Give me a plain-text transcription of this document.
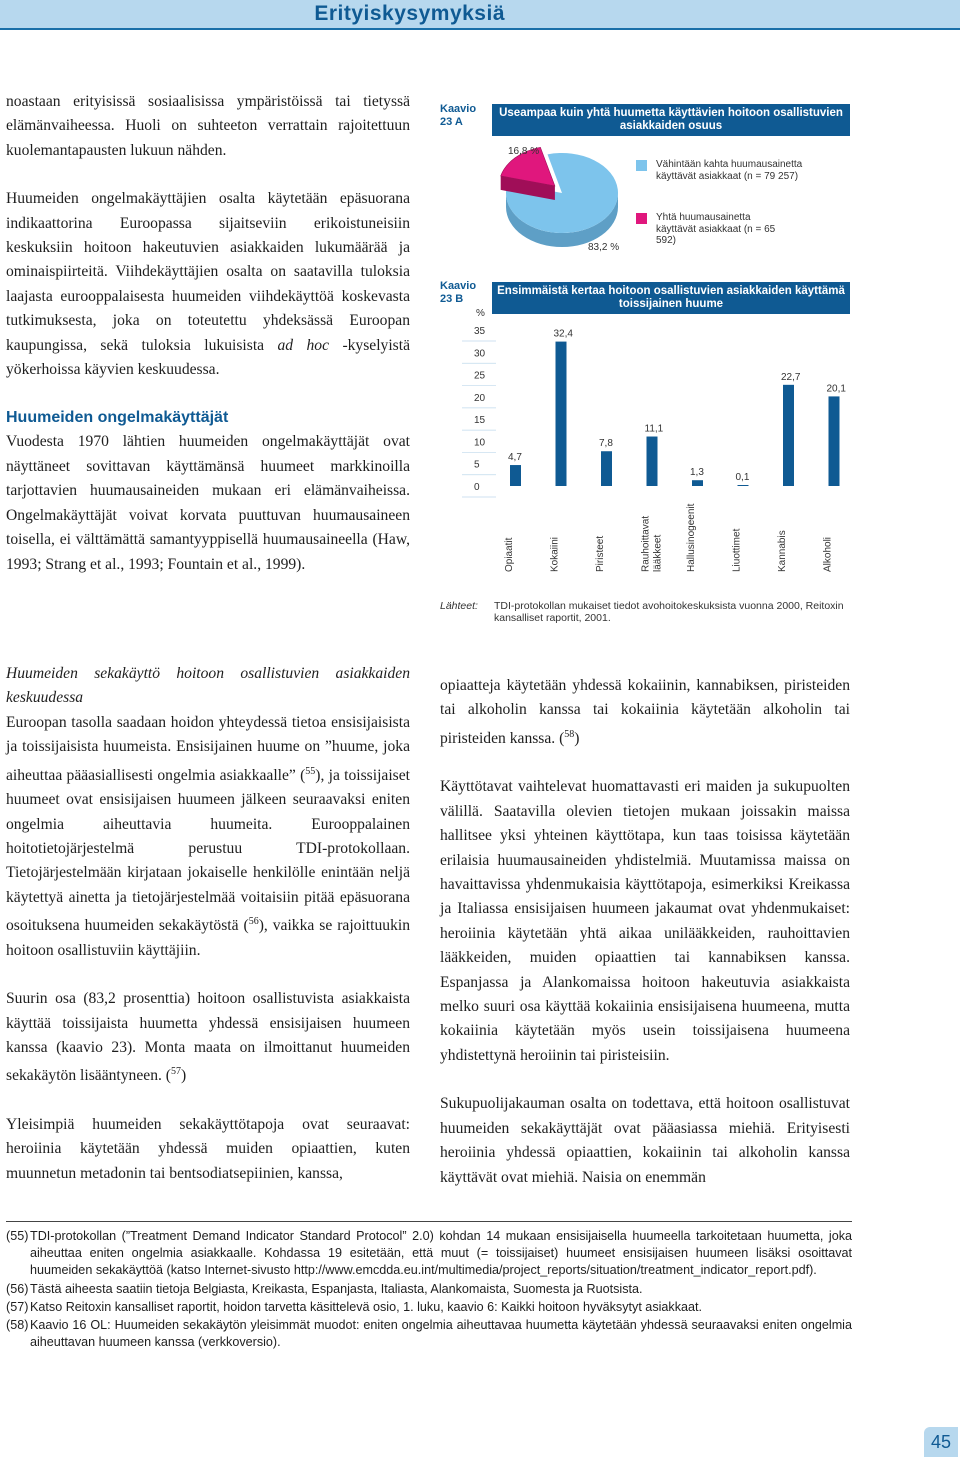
Erityiskysymyksiä

noastaan erityisissä sosiaalisissa ympäristöissä tai tietyssä elämänvaiheessa. Huoli on suhteeton verrattain rajoitettuun kuolemantapausten lukuun nähden.

Huumeiden ongelmakäyttäjien osalta käytetään epäsuorana indikaattorina Euroopassa sijaitseviin erikoistuneisiin keskuksiin hoitoon hakeutuvien asiakkaiden lukumäärää ja ominaispiirteitä. Viihdekäyttäjien osalta on saatavilla tuloksia laajasta eurooppalaisesta huumeiden viihdekäyttöä koskevasta tutkimuksesta, joka on toteutettu yhdeksässä Euroopan kaupungissa, sekä tuloksia lukuisista ad hoc -kyselyistä yökerhoissa käyvien keskuudessa.

Huumeiden ongelmakäyttäjät
Vuodesta 1970 lähtien huumeiden ongelmakäyttäjät ovat näyttäneet sovittavan käyttämänsä huumeet markkinoilla tarjottavien huumausaineiden mukaan eri elämänvaiheissa. Ongelmakäyttäjät voivat korvata puuttuvan huumausaineen toisella, ei välttämättä samantyyppisellä huumausaineella (Haw, 1993; Strang et al., 1993; Fountain et al., 1999).

Huumeiden sekakäyttö hoitoon osallistuvien asiakkaiden keskuudessa
Euroopan tasolla saadaan hoidon yhteydessä tietoa ensisijaisista ja toissijaisista huumeista. Ensisijainen huume on ”huume, joka aiheuttaa pääasiallisesti ongelmia asiakkaalle” ($^{55}$), ja toissijaiset huumeet ovat ensisijaisen huumeen jälkeen seuraavaksi eniten ongelmia aiheuttavia huumeita. Eurooppalainen hoitotietojärjestelmä perustuu TDI-protokollaan. Tietojärjestelmään kirjataan jokaiselle henkilölle enintään neljä käytettyä ainetta ja tietojärjestelmää voitaisiin pitää epäsuorana osoituksena huumeiden sekakäytöstä ($^{56}$), vaikka se rajoittuukin hoitoon osallistuviin käyttäjiin.

Suurin osa (83,2 prosenttia) hoitoon osallistuvista asiakkaista käyttää toissijaista huumetta yhdessä ensisijaisen huumeen kanssa (kaavio 23). Monta maata on ilmoittanut huumeiden sekakäytön lisääntyneen. ($^{57}$)

Yleisimpiä huumeiden sekakäyttötapoja ovat seuraavat: heroiinia käytetään yhdessä muiden opiaattien, kuten muunnetun metadonin tai bentsodiatsepiinien, kanssa,

opiaatteja käytetään yhdessä kokaiinin, kannabiksen, piristeiden tai alkoholin kanssa tai kokaiinia käytetään alkoholin tai piristeiden kanssa. ($^{58}$)

Käyttötavat vaihtelevat huomattavasti eri maiden ja sukupuolten välillä. Saatavilla olevien tietojen mukaan joissakin maissa hallitsee yksi yhteinen käyttötapa, kun taas toisissa käytetään erilaisia huumausaineiden yhdistelmiä. Muutamissa maissa on havaittavissa yhdenmukaisia käyttötapoja, esimerkiksi Kreikassa ja Italiassa ensisijaisen huumeen jakaumat ovat yhdenmukaiset: heroiinia käytetään yhtä aikaa unilääkkeiden, rauhoittavien lääkkeiden, muiden opiaattien tai kannabiksen kanssa. Espanjassa ja Alankomaissa hoitoon hakeutuvia asiakkaista melko suuri osa käyttää kokaiinia ensisijaisena huumeena, mutta kokaiinia käytetään myös usein toissijaisena huumeena yhdistettynä heroiinin tai piristeisiin.

Sukupuolijakauman osalta on todettava, että hoitoon osallistuvat huumeiden sekakäyttäjät ovat pääasiassa miehiä. Erityisesti heroiinia yhdessä opiaattien, kokaiinin tai alkoholin kanssa käyttävät ovat miehiä. Naisia on enemmän

Kaavio
23 A
Useampaa kuin yhtä huumetta käyttävien hoitoon osallistuvien asiakkaiden osuus
16,8 %
83,2 %
Vähintään kahta huumausainetta käyttävät asiakkaat (n = 79 257)
Yhtä huumausainetta käyttävät asiakkaat (n = 65 592)
Kaavio
23 B
Ensimmäistä kertaa hoitoon osallistuvien asiakkaiden käyttämä toissijainen huume
%
0
5
10
15
20
25
30
35
4,7
Opiaatit
32,4
Kokaiini
7,8
Piristeet
11,1
Rauhoittavat lääkkeet
1,3
Hallusinogeenit
0,1
Liuottimet
22,7
Kannabis
20,1
Alkoholi
Lähteet: TDI-protokollan mukaiset tiedot avohoitokeskuksista vuonna 2000, Reitoxin kansalliset raportit, 2001.
(55) TDI-protokollan (”Treatment Demand Indicator Standard Protocol” 2.0) kohdan 14 mukaan ensisijaisella huumeella tarkoitetaan huumetta, joka aiheuttaa eniten ongelmia asiakkaalle. Kohdassa 19 esitetään, että muut (= toissijaiset) huumeet ensisijaisen huumeen lisäksi osoittavat huumeiden sekakäyttöä (katso Internet-sivusto http://www.emcdda.eu.int/multimedia/project_reports/situation/treatment_indicator_report.pdf).
(56) Tästä aiheesta saatiin tietoja Belgiasta, Kreikasta, Espanjasta, Italiasta, Alankomaista, Suomesta ja Ruotsista.
(57) Katso Reitoxin kansalliset raportit, hoidon tarvetta käsittelevä osio, 1. luku, kaavio 6: Kaikki hoitoon hyväksytyt asiakkaat.
(58) Kaavio 16 OL: Huumeiden sekakäytön yleisimmät muodot: eniten ongelmia aiheuttavaa huumetta käytetään yhdessä seuraavaksi eniten ongelmia aiheuttavan huumeen kanssa (verkkoversio).
45
